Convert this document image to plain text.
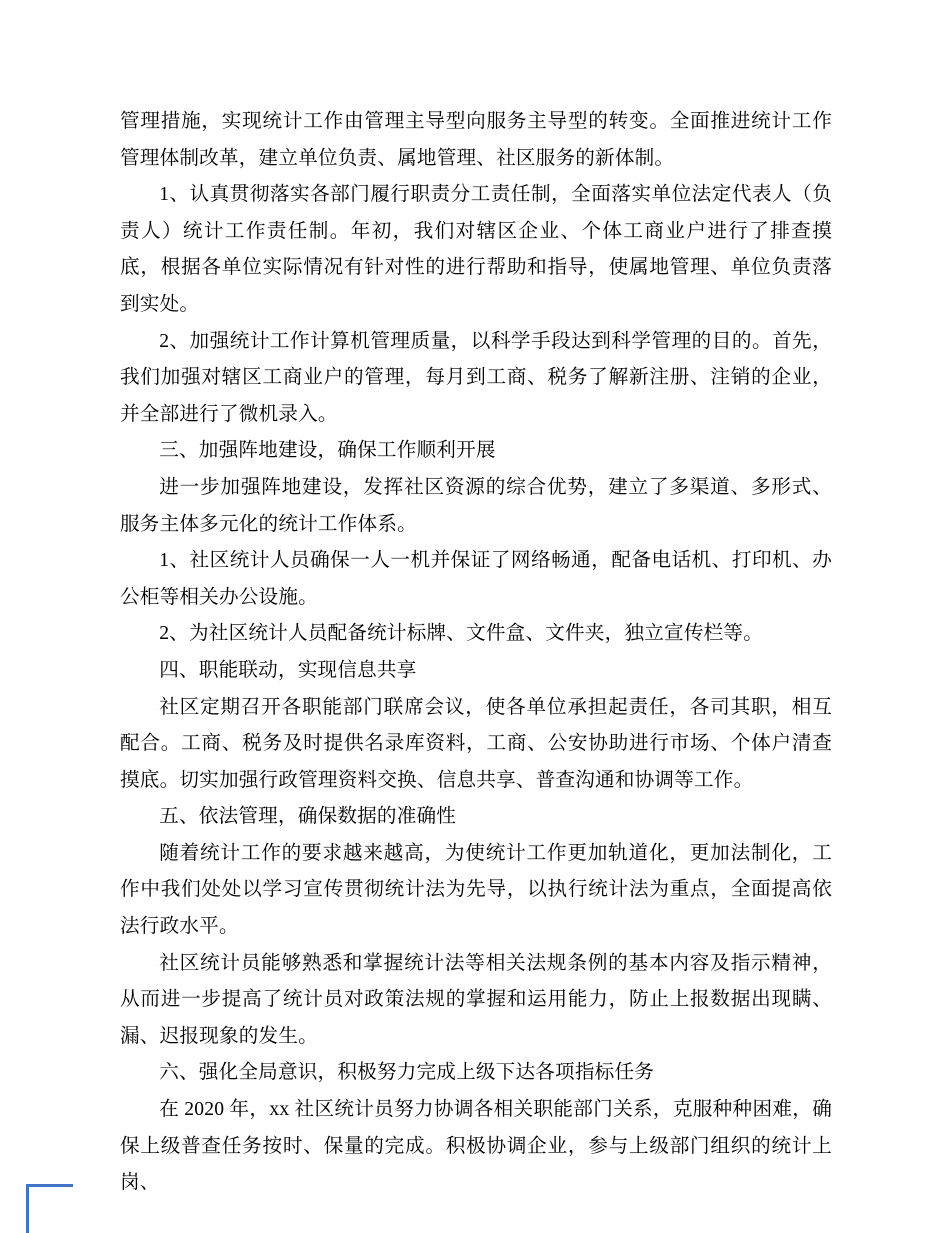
管理措施，实现统计工作由管理主导型向服务主导型的转变。全面推进统计工作管理体制改革，建立单位负责、属地管理、社区服务的新体制。

1、认真贯彻落实各部门履行职责分工责任制，全面落实单位法定代表人（负责人）统计工作责任制。年初，我们对辖区企业、个体工商业户进行了排查摸底，根据各单位实际情况有针对性的进行帮助和指导，使属地管理、单位负责落到实处。

2、加强统计工作计算机管理质量，以科学手段达到科学管理的目的。首先，我们加强对辖区工商业户的管理，每月到工商、税务了解新注册、注销的企业，并全部进行了微机录入。

三、加强阵地建设，确保工作顺利开展

进一步加强阵地建设，发挥社区资源的综合优势，建立了多渠道、多形式、服务主体多元化的统计工作体系。

1、社区统计人员确保一人一机并保证了网络畅通，配备电话机、打印机、办公柜等相关办公设施。

2、为社区统计人员配备统计标牌、文件盒、文件夹，独立宣传栏等。

四、职能联动，实现信息共享

社区定期召开各职能部门联席会议，使各单位承担起责任，各司其职，相互配合。工商、税务及时提供名录库资料，工商、公安协助进行市场、个体户清查摸底。切实加强行政管理资料交换、信息共享、普查沟通和协调等工作。

五、依法管理，确保数据的准确性

随着统计工作的要求越来越高，为使统计工作更加轨道化，更加法制化，工作中我们处处以学习宣传贯彻统计法为先导，以执行统计法为重点，全面提高依法行政水平。

社区统计员能够熟悉和掌握统计法等相关法规条例的基本内容及指示精神，从而进一步提高了统计员对政策法规的掌握和运用能力，防止上报数据出现瞒、漏、迟报现象的发生。

六、强化全局意识，积极努力完成上级下达各项指标任务

在 2020 年，xx 社区统计员努力协调各相关职能部门关系，克服种种困难，确保上级普查任务按时、保量的完成。积极协调企业，参与上级部门组织的统计上岗、
